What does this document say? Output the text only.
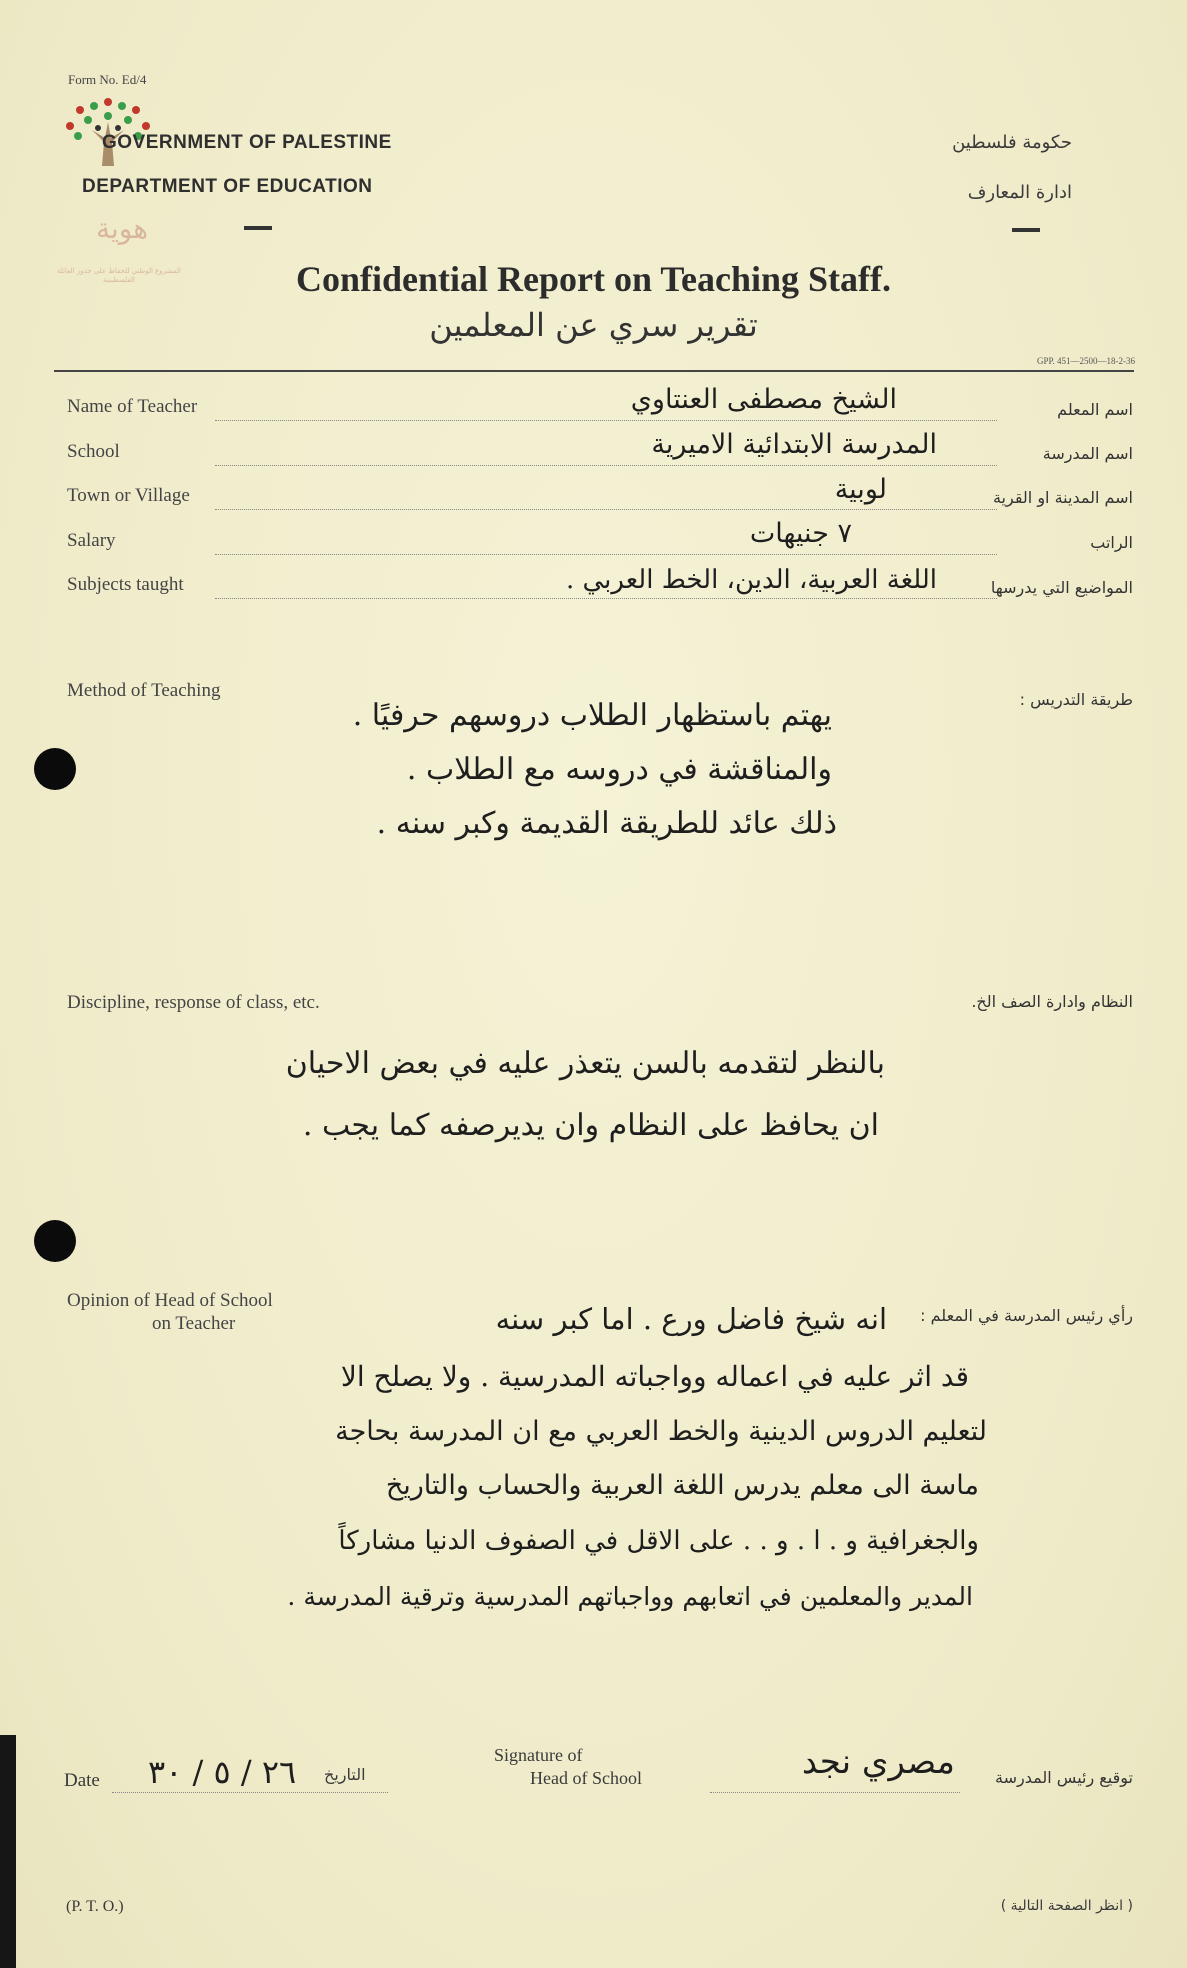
هوية
المشروع الوطني للحفاظ على جذور العائلة الفلسطينية
Form No. Ed/4
GOVERNMENT OF PALESTINE
DEPARTMENT OF EDUCATION
حكومة فلسطين
ادارة المعارف
Confidential Report on Teaching Staff.
تقرير سري عن المعلمين
GPP. 451—2500—18-2-36
Name of Teacher	الشيخ مصطفى العنتاوي	اسم المعلم
School	المدرسة الابتدائية الاميرية	اسم المدرسة
Town or Village	لوبية	اسم المدينة او القرية
Salary	٧ جنيهات	الراتب
Subjects taught	اللغة العربية، الدين، الخط العربي .	المواضيع التي يدرسها
Method of Teaching	طريقة التدريس :
يهتم باستظهار الطلاب دروسهم حرفيًا .
والمناقشة في دروسه مع الطلاب .
ذلك عائد للطريقة القديمة وكبر سنه .
Discipline, response of class, etc.	النظام وادارة الصف الخ.
بالنظر لتقدمه بالسن يتعذر عليه في بعض الاحيان
ان يحافظ على النظام وان يديرصفه كما يجب .
Opinion of Head of School
on Teacher	رأي رئيس المدرسة في المعلم :
انه شيخ فاضل ورع . اما كبر سنه
قد اثر عليه في اعماله وواجباته المدرسية . ولا يصلح الا
لتعليم الدروس الدينية والخط العربي مع ان المدرسة بحاجة
ماسة الى معلم يدرس اللغة العربية والحساب والتاريخ
والجغرافية و . ا . و . . على الاقل في الصفوف الدنيا مشاركاً
المدير والمعلمين في اتعابهم وواجباتهم المدرسية وترقية المدرسة .
Date ٢٦ / ٥ / ٣٠ التاريخ
Signature of
Head of School	مصري نجد	توقيع رئيس المدرسة
(P. T. O.)	( انظر الصفحة التالية )
